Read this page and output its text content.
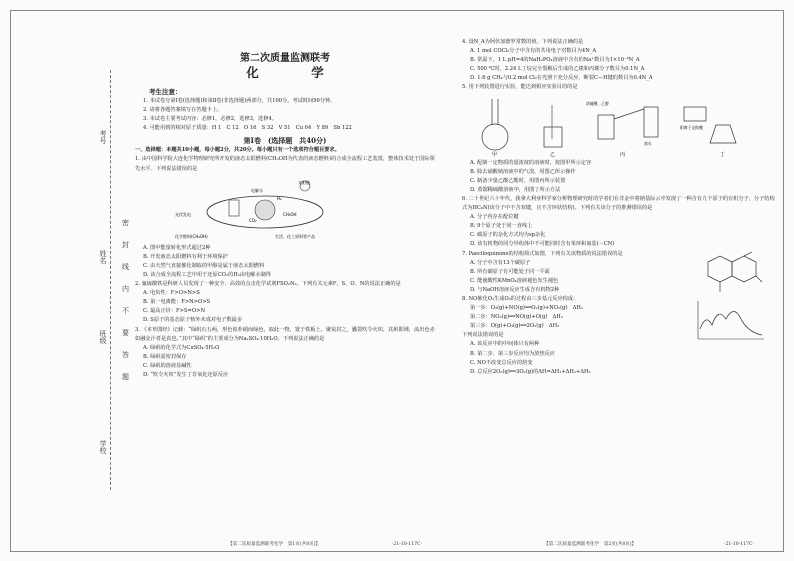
考号
姓名
班级
学校
密
封
线
内
不
要
答
题
第二次质量监测联考
化　学
考生注意：
1. 本试卷分第Ⅰ卷(选择题)和第Ⅱ卷(非选择题)两部分，共100分。考试时间90分钟。
2. 请将各题答案填写在答题卡上。
3. 本试卷主要考试内容：必修1，必修2，选修3，选修4。
4. 可能用到的相对原子质量：H 1　C 12　O 16　S 32　V 51　Cu 64　Y 89　Sb 122
第Ⅰ卷　(选择题　共40分)
一、选择题：本题共10小题，每小题2分，共20分。每小题只有一个选项符合题目要求。
1. 由中国科学院大连化学物理研究所开发的液态太阳燃料(CH₃OH为代表的液态燃料)的合成全流程工艺装置，整体技术处于国际领先水平。下列说法错误的是
太阳能
光伏发电
电解水
H₂
CO₂
CH₃OH
化学燃料(CH₃OH)	生活、化工原料等产品
A. 图中能量转化形式超过2种
B. 开发液态太阳燃料有利于环境保护
C. 由天然气直接催化制取的甲醇是属于液态太阳燃料
D. 该合成全流程工艺中用于还原CO₂的H₂由电解水制得
2. 氟硫酸铁是科研人员发现了一种安全、高效的点击化学试剂FSO₂N₃，下列有关元素F、S、O、N的说法正确的是
A. 电负性：F>O>N>S
B. 第一电离能：F>N>O>S
C. 最高正价：F>S=O>N
D. S原子的基态原子核外未成对电子数最多
3. 《本草图经》记载：“绿矾石五两，形色似朴硝而绿色，取此一物，置于铁板上，聚炭封之，囊袋吹令火炽，其矾即沸，流出色赤如融金汁者是真也。”其中“绿矾”的主要成分为Na₂SO₄·10H₂O。下列说法正确的是
A. 绿矾的化学式为CuSO₄·5H₂O
B. 绿矾需密封保存
C. 绿矾的溶液显碱性
D. “吹令火炽”发生了非氧化还原反应
4. 设N_A为阿伏加德罗常数的值。下列说法正确的是
A. 1 mol COCl₂分子中含有的共用电子对数目为4N_A
B. 常温下，1 L pH=4的NaH₂PO₄溶液中含有的Na⁺数目为1×10⁻⁴N_A
C. 500 ℃时，2.24 L丁烷完全裂解后生成的乙烯和丙烯分子数目为0.1N_A
D. 1.6 g CH₄与0.2 mol Cl₂在光照下充分反应，断裂C—H键的数目为0.4N_A
5. 用下列装置进行实验，能达到相应实验目的的是
甲	乙
浓硫酸、乙醇
溴水
丙
阳离子交换膜
丁
A. 配制一定物质的量浓度的溶液时，按图甲所示定容
B. 除去硝酸钠溶液中的气溴，用图乙所示操作
C. 制备少量乙酸乙酯时，用图丙所示装置
D. 蒸馏稀硫酸溶液中，用图丁所示方法
6. 二十世纪六十年代，我拿大利亚科学家分析物理研究时的学者们在非金中将钠基际云中发现了一种含有九个原子的有机分子，分子结构式为HC₈N(该分子中不含双键，且不含环状结构)。下列有关该分子的推测错误的是
A. 分子内存在配位键
B. 9个原子处于同一直线上
C. 碳原子的杂化方式均为sp杂化
D. 该有机物的同分异构体中不可能同时含有苯环和氰基(－CN)
7. Paeciloquinone的结构简式如图，下列有关该物质的说法错误的是
A. 分子中含有13个碳原子
B. 所有碳原子有可能处于同一平面
C. 能使酸性KMnO₄溶液褪色发生褪色
D. 与NaOH溶液反应生成含有机物2种
8. NO催化O₃生成O₂的过程由三步基元反应构成：
第一步：O₃(g)+NO(g)══O₂(g)+NO₂(g)　ΔH₁
第二步：NO₂(g)══NO(g)+O(g)　ΔH₂
第三步：O(g)+O₃(g)══2O₂(g)　ΔH₃
下列说法错误的是
A. 该反应中的中间体只有两种
B. 第二步、第三步反应均为放热反应
C. NO不改变总反应的焓变
D. 总反应2O₃(g)══3O₂(g)的ΔH=ΔH₁+ΔH₂+ΔH₃
【第二次质量监测联考化学　第1页(共8页)】	·21-10-117C·	【第二次质量监测联考化学　第2页(共8页)】	·21-10-117C·
